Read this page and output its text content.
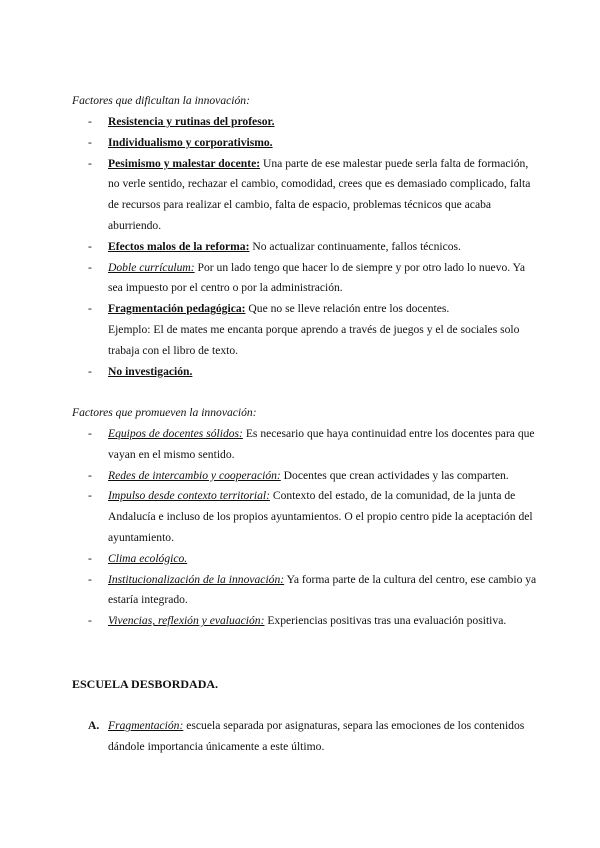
Factores que dificultan la innovación:
- Resistencia y rutinas del profesor.
- Individualismo y corporativismo.
- Pesimismo y malestar docente: Una parte de ese malestar puede serla falta de formación, no verle sentido, rechazar el cambio, comodidad, crees que es demasiado complicado, falta de recursos para realizar el cambio, falta de espacio, problemas técnicos que acaba aburriendo.
- Efectos malos de la reforma: No actualizar continuamente, fallos técnicos.
- Doble currículum: Por un lado tengo que hacer lo de siempre y por otro lado lo nuevo. Ya sea impuesto por el centro o por la administración.
- Fragmentación pedagógica: Que no se lleve relación entre los docentes.
Ejemplo: El de mates me encanta porque aprendo a través de juegos y el de sociales solo trabaja con el libro de texto.
- No investigación.
Factores que promueven la innovación:
- Equipos de docentes sólidos: Es necesario que haya continuidad entre los docentes para que vayan en el mismo sentido.
- Redes de intercambio y cooperación: Docentes que crean actividades y las comparten.
- Impulso desde contexto territorial: Contexto del estado, de la comunidad, de la junta de Andalucía e incluso de los propios ayuntamientos. O el propio centro pide la aceptación del ayuntamiento.
- Clima ecológico.
- Institucionalización de la innovación: Ya forma parte de la cultura del centro, ese cambio ya estaría integrado.
- Vivencias, reflexión y evaluación: Experiencias positivas tras una evaluación positiva.
ESCUELA DESBORDADA.
A. Fragmentación: escuela separada por asignaturas, separa las emociones de los contenidos dándole importancia únicamente a este último.
